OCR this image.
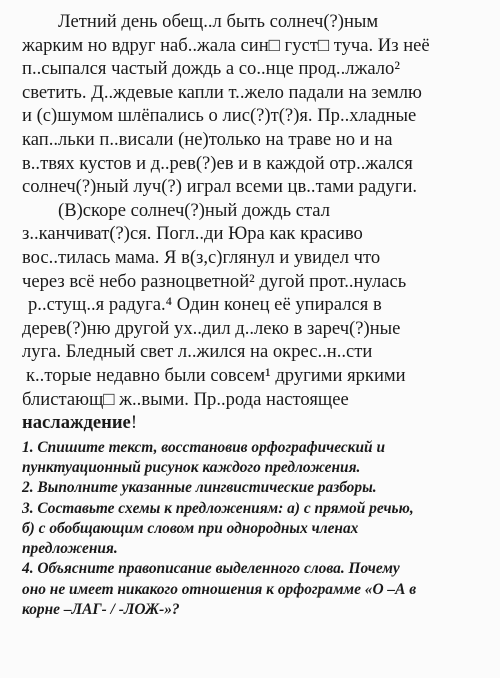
Летний день обещ..л быть солнеч(?)ным
жарким но вдруг наб..жала син□ густ□ туча. Из неё
п..сыпался частый дождь а со..нце прод..лжало²
светить. Д..ждевые капли т..жело падали на землю
и (с)шумом шлёпались о лис(?)т(?)я. Пр..хладные
кап..льки п..висали (не)только на траве но и на
в..твях кустов и д..рев(?)ев и в каждой отр..жался
солнеч(?)ный луч(?) играл всеми цв..тами радуги.
(В)скоре солнеч(?)ный дождь стал
з..канчиват(?)ся. Погл..ди Юра как красиво
вос..тилась мама. Я в(з,с)глянул и увидел что
через всё небо разноцветной² дугой прот..нулась
р..стущ..я радуга.⁴ Один конец её упирался в
дерев(?)ню другой ух..дил д..леко в зареч(?)ные
луга. Бледный свет л..жился на окрес..н..сти
к..торые недавно были совсем¹ другими яркими
блистающ□ ж..выми. Пр..рода настоящее
наслаждение!
1. Спишите текст, восстановив орфографический и
пунктуационный рисунок каждого предложения.
2. Выполните указанные лингвистические разборы.
3. Составьте схемы к предложениям: а) с прямой речью,
б) с обобщающим словом при однородных членах
предложения.
4. Объясните правописание выделенного слова. Почему
оно не имеет никакого отношения к орфограмме «О –А в
корне –ЛАГ- / -ЛОЖ-»?
